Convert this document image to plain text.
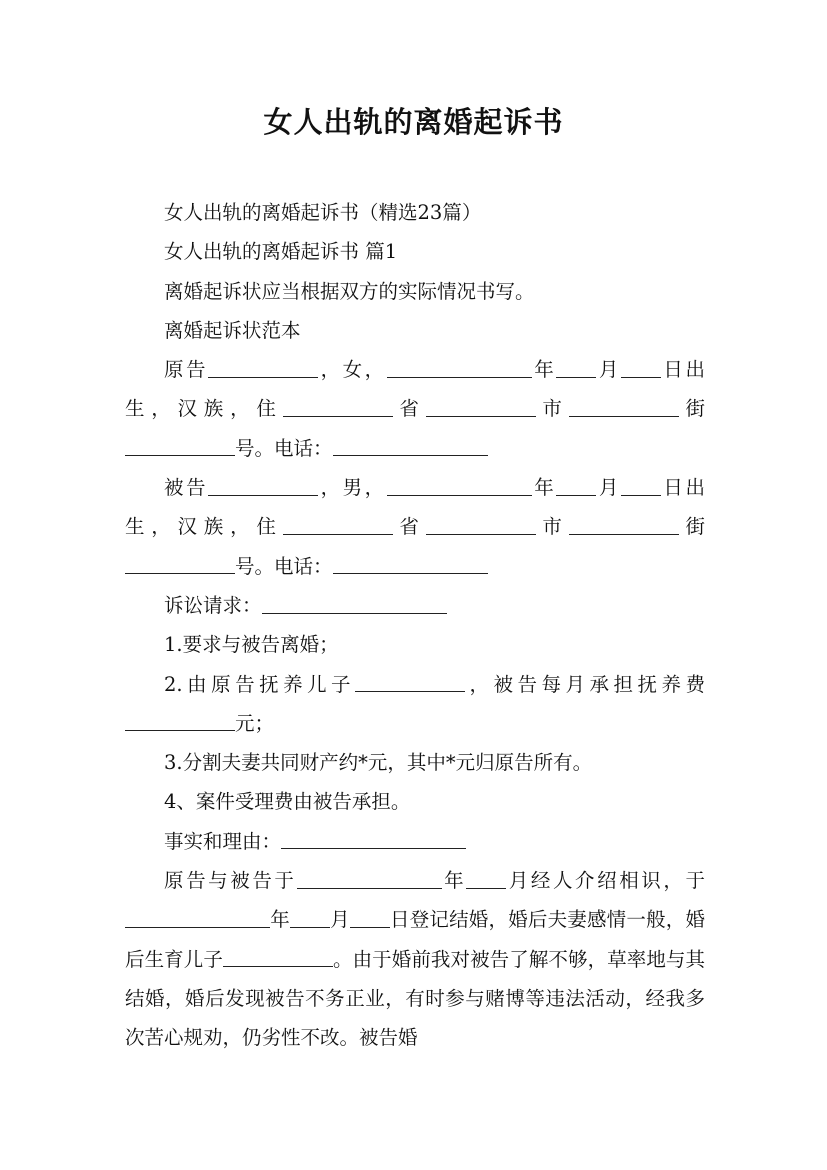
女人出轨的离婚起诉书

女人出轨的离婚起诉书（精选23篇）

女人出轨的离婚起诉书 篇1

离婚起诉状应当根据双方的实际情况书写。

离婚起诉状范本

原告	，女，	年 月 日出生，汉族，住	省	市	街号。电话：

被告	，男，	年 月 日出生，汉族，住	省	市	街号。电话：

诉讼请求：

1.要求与被告离婚；

2.由原告抚养儿子	，被告每月承担抚养费元；

3.分割夫妻共同财产约*元，其中*元归原告所有。

4、案件受理费由被告承担。

事实和理由：

原告与被告于	年 月经人介绍相识，于年 月 日登记结婚，婚后夫妻感情一般，婚后生育儿子	。由于婚前我对被告了解不够，草率地与其结婚，婚后发现被告不务正业，有时参与赌博等违法活动，经我多次苦心规劝，仍劣性不改。被告婚
